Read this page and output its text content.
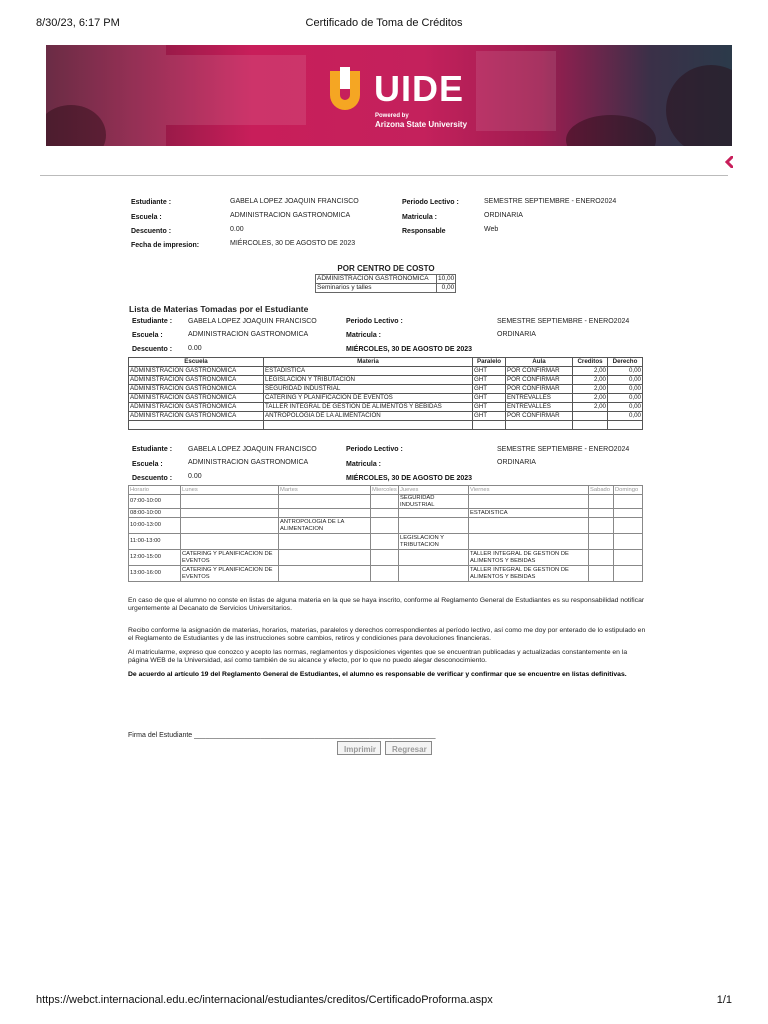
8/30/23, 6:17 PM	Certificado de Toma de Créditos
UIDE
Powered by
Arizona State University
Estudiante :	GABELA LOPEZ JOAQUIN FRANCISCO
Escuela :	ADMINISTRACION GASTRONOMICA
Descuento :	0.00
Fecha de impresion:	MIÉRCOLES, 30 DE AGOSTO DE 2023
Periodo Lectivo :	SEMESTRE SEPTIEMBRE - ENERO2024
Matricula :	ORDINARIA
Responsable	Web
POR CENTRO DE COSTO
ADMINISTRACION GASTRONOMICA	10,00
Seminarios y talles	0,00
Lista de Materias Tomadas por el Estudiante
Estudiante : GABELA LOPEZ JOAQUIN FRANCISCO
Escuela :	ADMINISTRACION GASTRONOMICA
Descuento : 0.00
Periodo Lectivo :	SEMESTRE SEPTIEMBRE - ENERO2024
Matricula :	ORDINARIA
MIÉRCOLES, 30 DE AGOSTO DE 2023
Escuela	Materia	Paralelo	Aula	Creditos	Derecho
ADMINISTRACION GASTRONOMICA	ESTADISTICA	GHT	POR CONFIRMAR	2,00	0,00
ADMINISTRACION GASTRONOMICA	LEGISLACION Y TRIBUTACION	GHT	POR CONFIRMAR	2,00	0,00
ADMINISTRACION GASTRONOMICA	SEGURIDAD INDUSTRIAL	GHT	POR CONFIRMAR	2,00	0,00
ADMINISTRACION GASTRONOMICA	CATERING Y PLANIFICACION DE EVENTOS	GHT	ENTREVALLES	2,00	0,00
ADMINISTRACION GASTRONOMICA	TALLER INTEGRAL DE GESTION DE ALIMENTOS Y BEBIDAS	GHT	ENTREVALLES	2,00	0,00
ADMINISTRACION GASTRONOMICA	ANTROPOLOGIA DE LA ALIMENTACION	GHT	POR CONFIRMAR		0,00

Estudiante : GABELA LOPEZ JOAQUIN FRANCISCO
Escuela :	ADMINISTRACION GASTRONOMICA
Descuento : 0.00
Periodo Lectivo :	SEMESTRE SEPTIEMBRE - ENERO2024
Matricula :	ORDINARIA
MIÉRCOLES, 30 DE AGOSTO DE 2023
Horario	Lunes	Martes	Miercoles	Jueves	Viernes	Sabado	Domingo
07:00-10:00				SEGURIDAD INDUSTRIAL			
08:00-10:00					ESTADISTICA		
10:00-13:00		ANTROPOLOGIA DE LA ALIMENTACION					
11:00-13:00				LEGISLACION Y TRIBUTACION			
12:00-15:00	CATERING Y PLANIFICACION DE EVENTOS				TALLER INTEGRAL DE GESTION DE ALIMENTOS Y BEBIDAS		
13:00-16:00	CATERING Y PLANIFICACION DE EVENTOS				TALLER INTEGRAL DE GESTION DE ALIMENTOS Y BEBIDAS		
En caso de que el alumno no conste en listas de alguna materia en la que se haya inscrito, conforme al Reglamento General de Estudiantes es su responsabilidad notificar urgentemente al Decanato de Servicios Universitarios.
Recibo conforme la asignación de materias, horarios, materias, paralelos y derechos correspondientes al período lectivo, así como me doy por enterado de lo estipulado en el Reglamento de Estudiantes y de las instrucciones sobre cambios, retiros y condiciones para devoluciones financieras.
Al matricularme, expreso que conozco y acepto las normas, reglamentos y disposiciones vigentes que se encuentran publicadas y actualizadas constantemente en la página WEB de la Universidad, así como también de su alcance y efecto, por lo que no puedo alegar desconocimiento.
De acuerdo al artículo 19 del Reglamento General de Estudiantes, el alumno es responsable de verificar y confirmar que se encuentre en listas definitivas.
Firma del Estudiante ______________________________________________________________
Imprimir	Regresar
https://webct.internacional.edu.ec/internacional/estudiantes/creditos/CertificadoProforma.aspx	1/1
